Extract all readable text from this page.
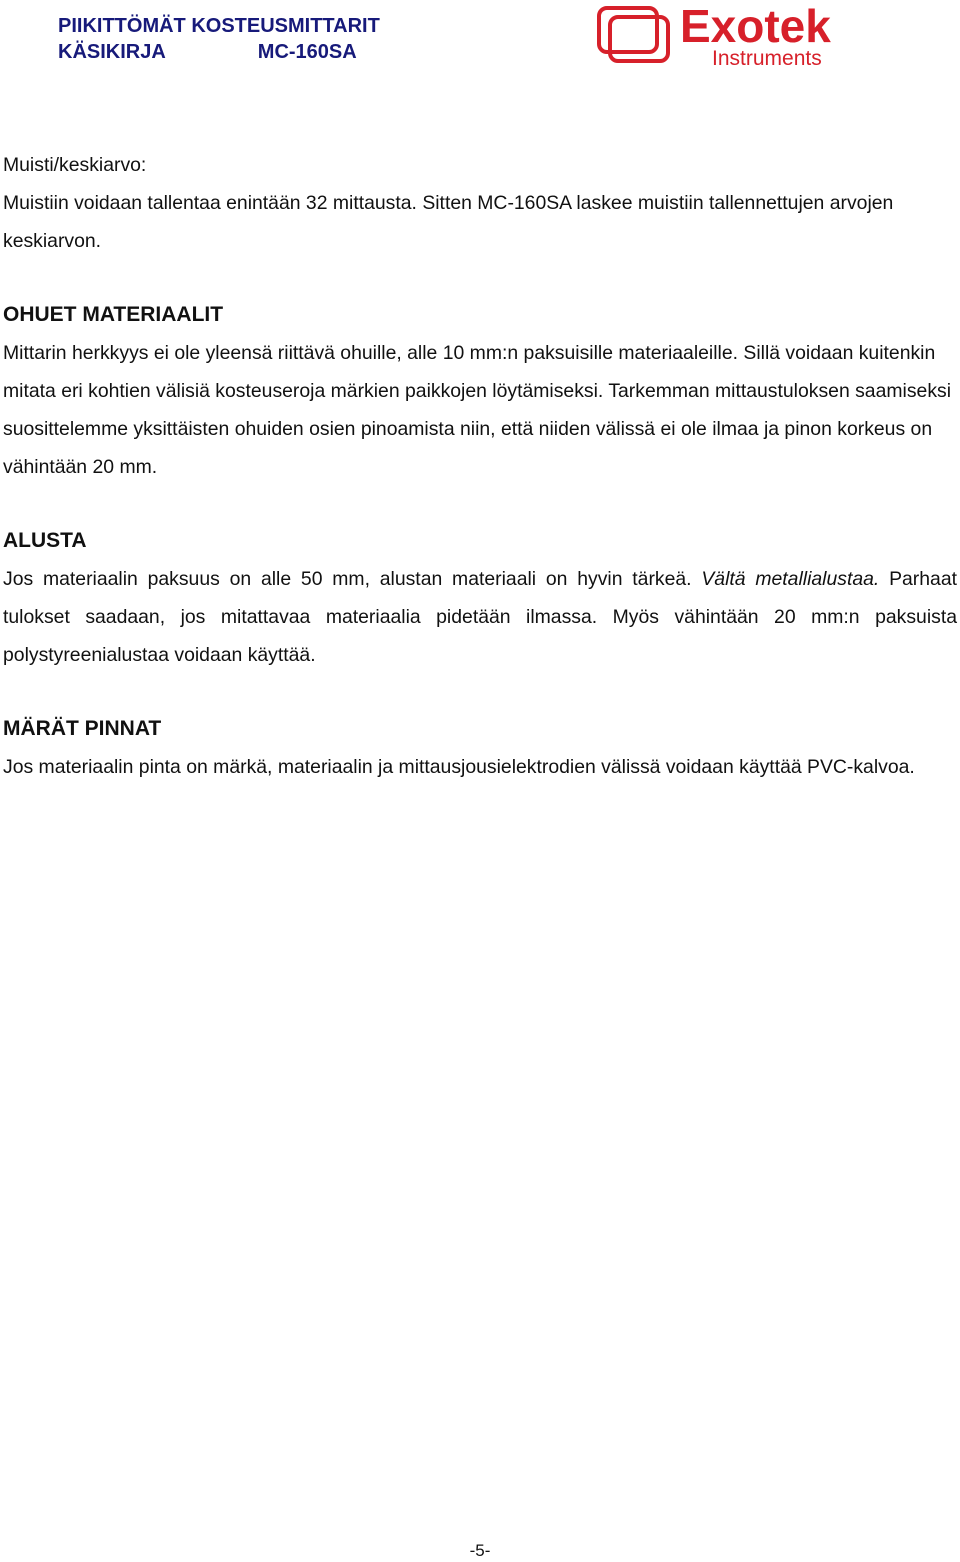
PIIKITTÖMÄT KOSTEUSMITTARIT
KÄSIKIRJA	MC-160SA	Exotek
Instruments

Muisti/keskiarvo:

Muistiin voidaan tallentaa enintään 32 mittausta. Sitten MC-160SA laskee muistiin tallennettujen arvojen keskiarvon.

OHUET MATERIAALIT

Mittarin herkkyys ei ole yleensä riittävä ohuille, alle 10 mm:n paksuisille materiaaleille. Sillä voidaan kuitenkin mitata eri kohtien välisiä kosteuseroja märkien paikkojen löytämiseksi. Tarkemman mittaustuloksen saamiseksi suosittelemme yksittäisten ohuiden osien pinoamista niin, että niiden välissä ei ole ilmaa ja pinon korkeus on vähintään 20 mm.

ALUSTA

Jos materiaalin paksuus on alle 50 mm, alustan materiaali on hyvin tärkeä. Vältä metallialustaa. Parhaat tulokset saadaan, jos mitattavaa materiaalia pidetään ilmassa. Myös vähintään 20 mm:n paksuista polystyreenialustaa voidaan käyttää.

MÄRÄT PINNAT

Jos materiaalin pinta on märkä, materiaalin ja mittausjousielektrodien välissä voidaan käyttää PVC-kalvoa.

-5-
